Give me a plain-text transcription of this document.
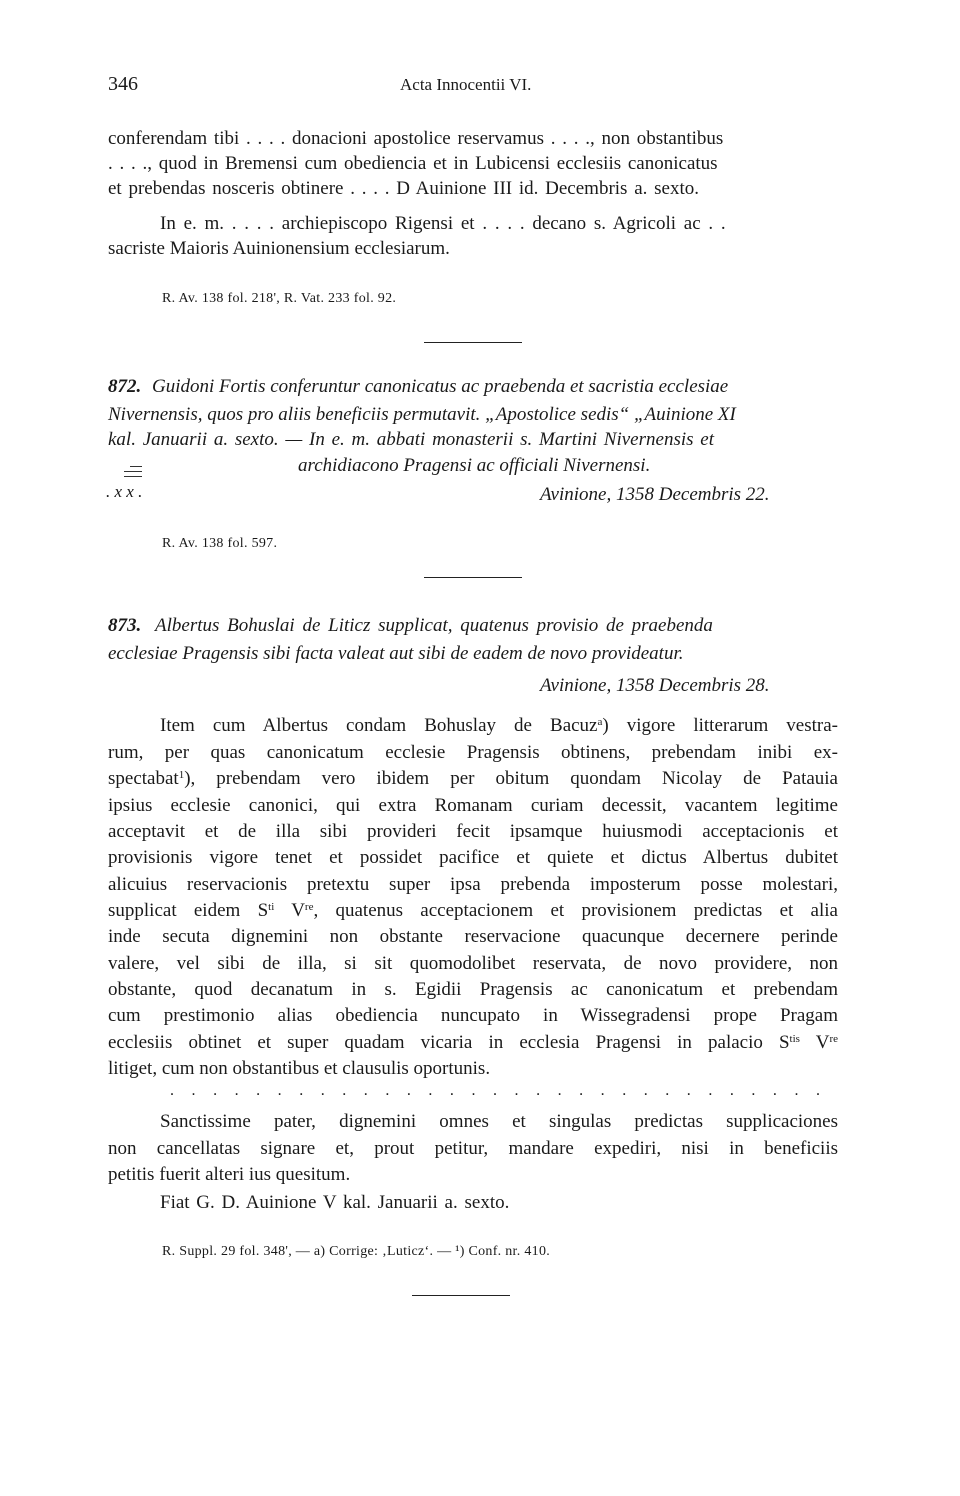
346	Acta Innocentii VI.
conferendam tibi . . . . donacioni apostolice reservamus . . . ., non obstantibus
. . . ., quod in Bremensi cum obediencia et in Lubicensi ecclesiis canonicatus
et prebendas nosceris obtinere . . . . D Auinione III id. Decembris a. sexto.
In e. m. . . . . archiepiscopo Rigensi et . . . . decano s. Agricoli ac . .
sacriste Maioris Auinionensium ecclesiarum.
R. Av. 138 fol. 218', R. Vat. 233 fol. 92.
872. Guidoni Fortis conferuntur canonicatus ac praebenda et sacristia ecclesiae
Nivernensis, quos pro aliis beneficiis permutavit. „Apostolice sedis“ „Auinione XI
kal. Januarii a. sexto. — In e. m. abbati monasterii s. Martini Nivernensis et
archidiacono Pragensi ac officiali Nivernensi.
. x x .	Avinione, 1358 Decembris 22.
R. Av. 138 fol. 597.
873. Albertus Bohuslai de Liticz supplicat, quatenus provisio de praebenda
ecclesiae Pragensis sibi facta valeat aut sibi de eadem de novo provideatur.
Avinione, 1358 Decembris 28.
Item cum Albertus condam Bohuslay de Bacuz$^a$) vigore litterarum vestra-
rum, per quas canonicatum ecclesie Pragensis obtinens, prebendam inibi ex-
spectabat$^1$), prebendam vero ibidem per obitum quondam Nicolay de Patauia
ipsius ecclesie canonici, qui extra Romanam curiam decessit, vacantem legitime
acceptavit et de illa sibi provideri fecit ipsamque huiusmodi acceptacionis et
provisionis vigore tenet et possidet pacifice et quiete et dictus Albertus dubitet
alicuius reservacionis pretextu super ipsa prebenda imposterum posse molestari,
supplicat eidem $S^{ti}$ Vre, quatenus acceptacionem et provisionem predictas et alia
inde secuta dignemini non obstante reservacione quacunque decernere perinde
valere, vel sibi de illa, si sit quomodolibet reservata, de novo providere, non
obstante, quod decanatum in s. Egidii Pragensis ac canonicatum et prebendam
cum prestimonio alias obediencia nuncupato in Wissegradensi prope Pragam
ecclesiis obtinet et super quadam vicaria in ecclesia Pragensi in palacio $S^{tis}$ Vre
litiget, cum non obstantibus et clausulis oportunis.
. . . . . . . . . . . . . . . . . . . . . . . . . . . . . . .
Sanctissime pater, dignemini omnes et singulas predictas supplicaciones
non cancellatas signare et, prout petitur, mandare expediri, nisi in beneficiis
petitis fuerit alteri ius quesitum.
Fiat G. D. Auinione V kal. Januarii a. sexto.
R. Suppl. 29 fol. 348', — a) Corrige: ‚Luticz‘. — ¹) Conf. nr. 410.
